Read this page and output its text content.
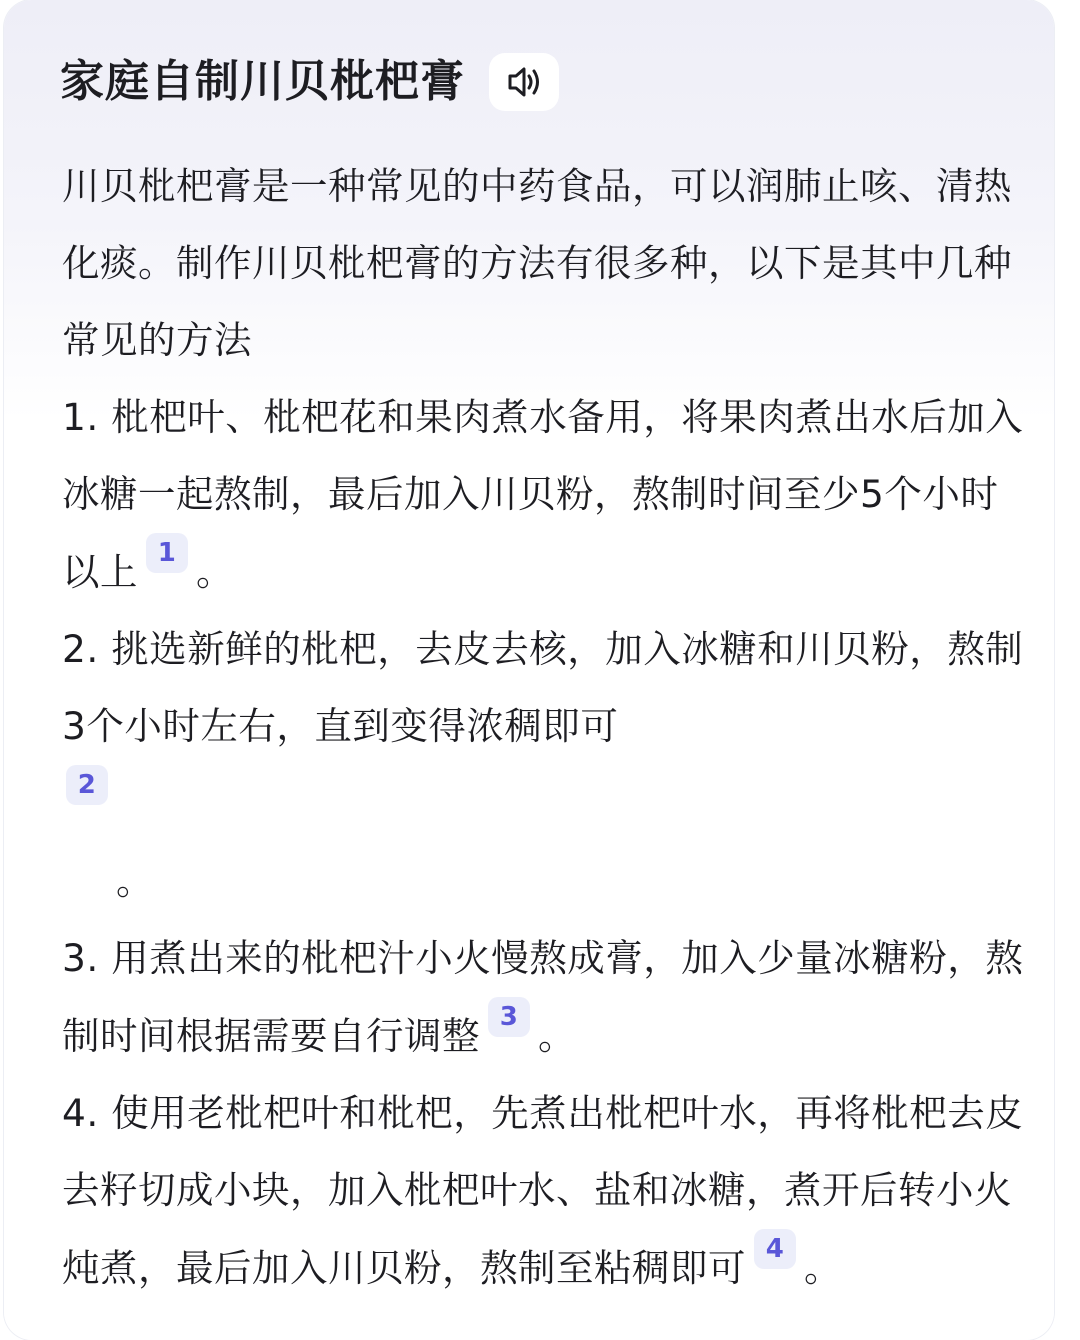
家庭自制川贝枇杷膏

川贝枇杷膏是一种常见的中药食品，可以润肺止咳、清热化痰。制作川贝枇杷膏的方法有很多种，以下是其中几种常见的方法

1. 枇杷叶、枇杷花和果肉煮水备用，将果肉煮出水后加入冰糖一起熬制，最后加入川贝粉，熬制时间至少5个小时以上 1 。

2. 挑选新鲜的枇杷，去皮去核，加入冰糖和川贝粉，熬制3个小时左右，直到变得浓稠即可
2
。

3. 用煮出来的枇杷汁小火慢熬成膏，加入少量冰糖粉，熬制时间根据需要自行调整 3 。

4. 使用老枇杷叶和枇杷，先煮出枇杷叶水，再将枇杷去皮去籽切成小块，加入枇杷叶水、盐和冰糖，煮开后转小火炖煮，最后加入川贝粉，熬制至粘稠即可 4 。
